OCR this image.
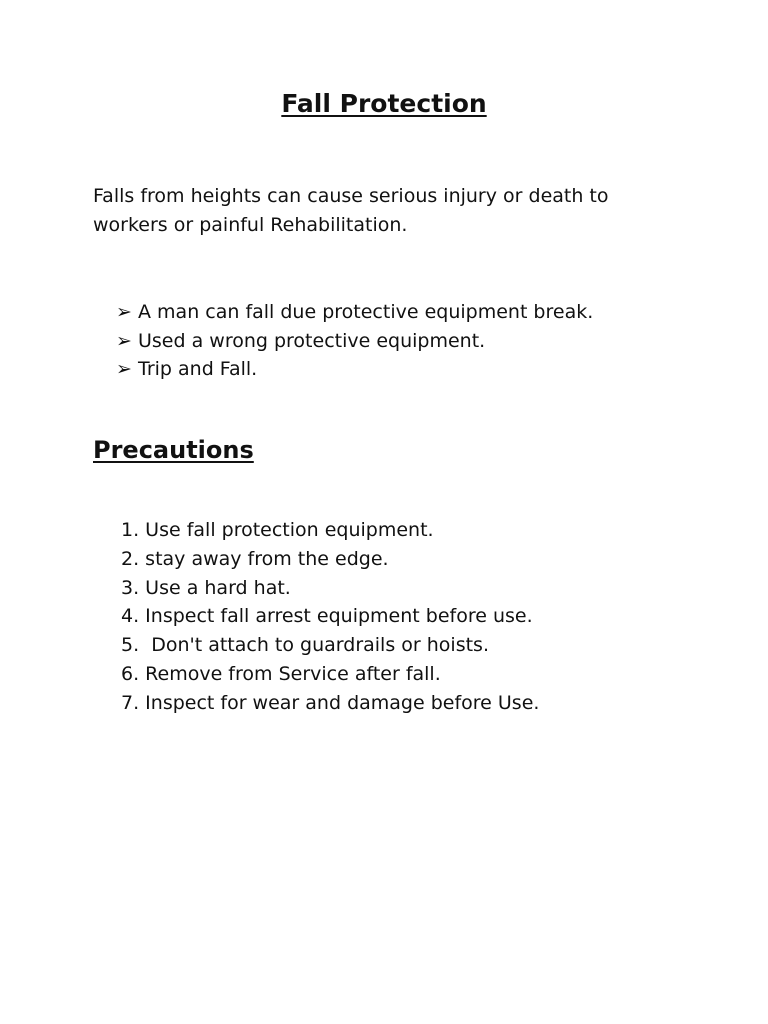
Fall Protection

Falls from heights can cause serious injury or death to workers or painful Rehabilitation.

➢ A man can fall due protective equipment break.
➢ Used a wrong protective equipment.
➢ Trip and Fall.
Precautions
1. Use fall protection equipment.
2. stay away from the edge.
3. Use a hard hat.
4. Inspect fall arrest equipment before use.
5.  Don't attach to guardrails or hoists.
6. Remove from Service after fall.
7. Inspect for wear and damage before Use.
